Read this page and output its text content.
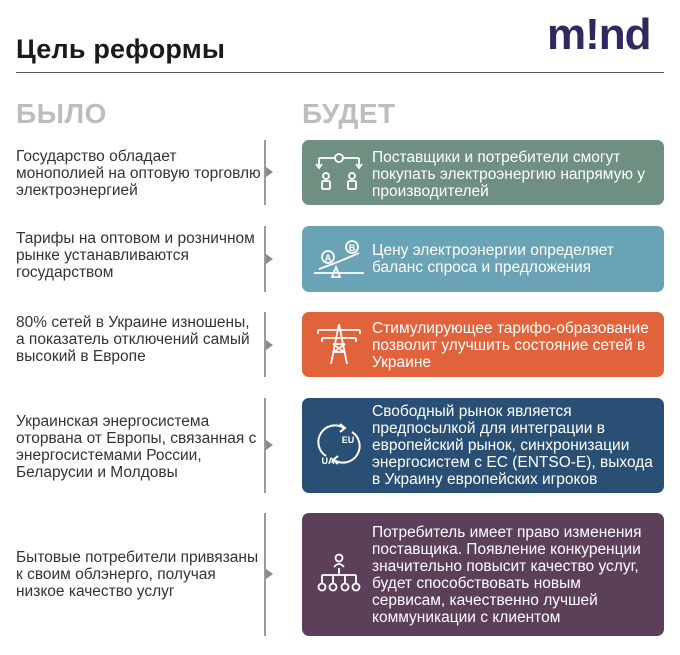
Цель реформы	m!nd
БЫЛО	БУДЕТ
Государство обладает монополией на оптовую торговлю электроэнергией
Поставщики и потребители смогут покупать электроэнергию напрямую у производителей
Тарифы на оптовом и розничном рынке устанавливаются государством
A
B Цену электроэнергии определяет баланс спроса и предложения
80% сетей в Украине изношены, а показатель отключений самый высокий в Европе
Стимулирующее тарифо-образование позволит улучшить состояние сетей в Украине
Украинская энергосистема оторвана от Европы, связанная с энергосистемами России, Беларусии и Молдовы
EU
UA
Свободный рынок является предпосылкой для интеграции в европейский рынок, синхронизации энергосистем с ЕС (ENTSO-E), выхода в Украину европейских игроков
Бытовые потребители привязаны к своим облэнерго, получая низкое качество услуг
Потребитель имеет право изменения поставщика. Появление конкуренции значительно повысит качество услуг, будет способствовать новым сервисам, качественно лучшей коммуникации с клиентом
